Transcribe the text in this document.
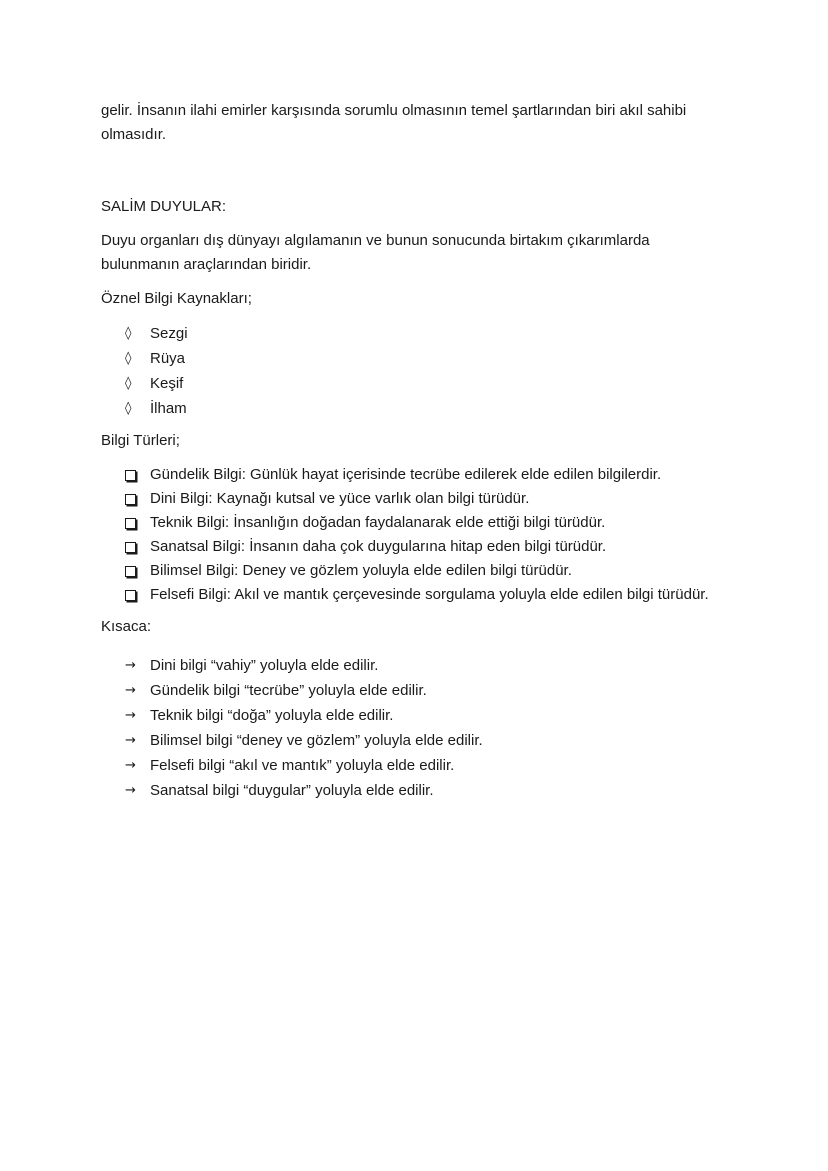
gelir. İnsanın ilahi emirler karşısında sorumlu olmasının temel şartlarından biri akıl sahibi olmasıdır.

SALİM DUYULAR:

Duyu organları dış dünyayı algılamanın ve bunun sonucunda birtakım çıkarımlarda bulunmanın araçlarından biridir.

Öznel Bilgi Kaynakları;

◊	Sezgi
◊	Rüya
◊	Keşif
◊	İlham

Bilgi Türleri;

Gündelik Bilgi: Günlük hayat içerisinde tecrübe edilerek elde edilen bilgilerdir.
Dini Bilgi: Kaynağı kutsal ve yüce varlık olan bilgi türüdür.
Teknik Bilgi: İnsanlığın doğadan faydalanarak elde ettiği bilgi türüdür.
Sanatsal Bilgi: İnsanın daha çok duygularına hitap eden bilgi türüdür.
Bilimsel Bilgi: Deney ve gözlem yoluyla elde edilen bilgi türüdür.
Felsefi Bilgi: Akıl ve mantık çerçevesinde sorgulama yoluyla elde edilen bilgi türüdür.

Kısaca:

→ Dini bilgi “vahiy” yoluyla elde edilir.
→ Gündelik bilgi “tecrübe” yoluyla elde edilir.
→ Teknik bilgi “doğa” yoluyla elde edilir.
→ Bilimsel bilgi “deney ve gözlem” yoluyla elde edilir.
→ Felsefi bilgi “akıl ve mantık” yoluyla elde edilir.
→ Sanatsal bilgi “duygular” yoluyla elde edilir.
